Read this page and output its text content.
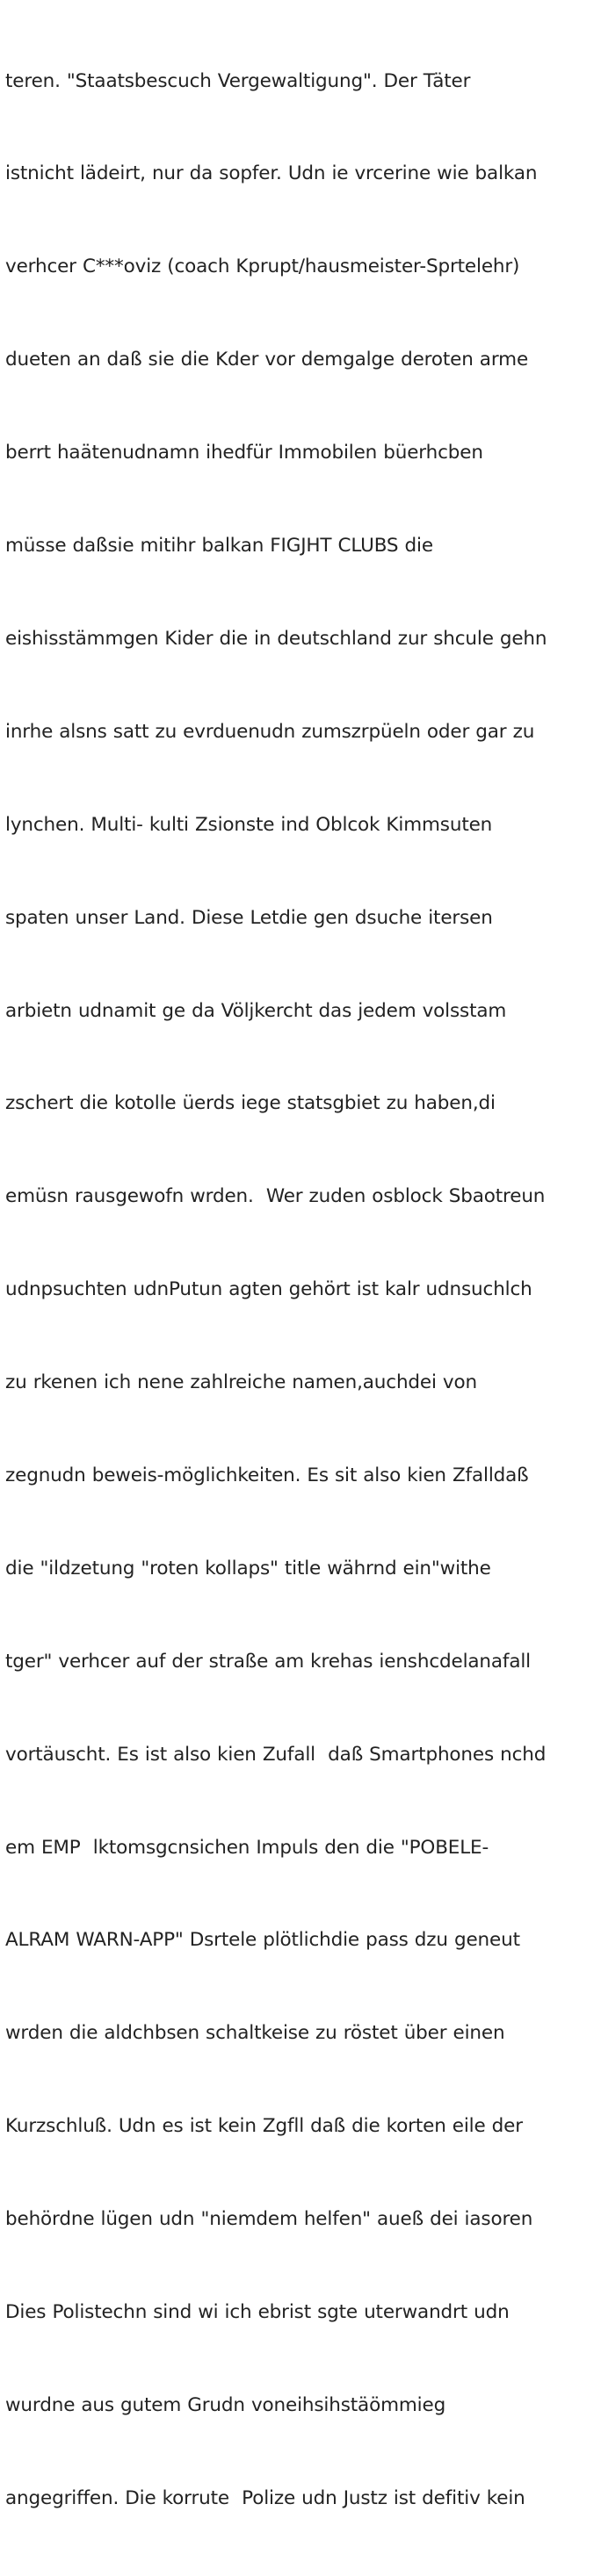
teren. "Staatsbescuch Vergewaltigung". Der Täter

istnicht lädeirt, nur da sopfer. Udn ie vrcerine wie balkan

verhcer C***oviz (coach Kprupt/hausmeister-Sprtelehr)

dueten an daß sie die Kder vor demgalge deroten arme

berrt haätenudnamn ihedfür Immobilen büerhcben

müsse daßsie mitihr balkan FIGJHT CLUBS die

eishisstämmgen Kider die in deutschland zur shcule gehn

inrhe alsns satt zu evrduenudn zumszrpüeln oder gar zu

lynchen. Multi- kulti Zsionste ind Oblcok Kimmsuten

spaten unser Land. Diese Letdie gen dsuche itersen

arbietn udnamit ge da Völjkercht das jedem volsstam

zschert die kotolle üerds iege statsgbiet zu haben,di

emüsn rausgewofn wrden.  Wer zuden osblock Sbaotreun

udnpsuchten udnPutun agten gehört ist kalr udnsuchlch

zu rkenen ich nene zahlreiche namen,auchdei von

zegnudn beweis-möglichkeiten. Es sit also kien Zfalldaß

die "ildzetung "roten kollaps" title währnd ein"withe

tger" verhcer auf der straße am krehas ienshcdelanafall

vortäuscht. Es ist also kien Zufall  daß Smartphones nchd

em EMP  lktomsgcnsichen Impuls den die "POBELE-

ALRAM WARN-APP" Dsrtele plötlichdie pass dzu geneut

wrden die aldchbsen schaltkeise zu röstet über einen

Kurzschluß. Udn es ist kein Zgfll daß die korten eile der

behördne lügen udn "niemdem helfen" aueß dei iasoren

Dies Polistechn sind wi ich ebrist sgte uterwandrt udn

wurdne aus gutem Grudn voneihsihstäömmieg

angegriffen. Die korrute  Polize udn Justz ist defitiv kein
